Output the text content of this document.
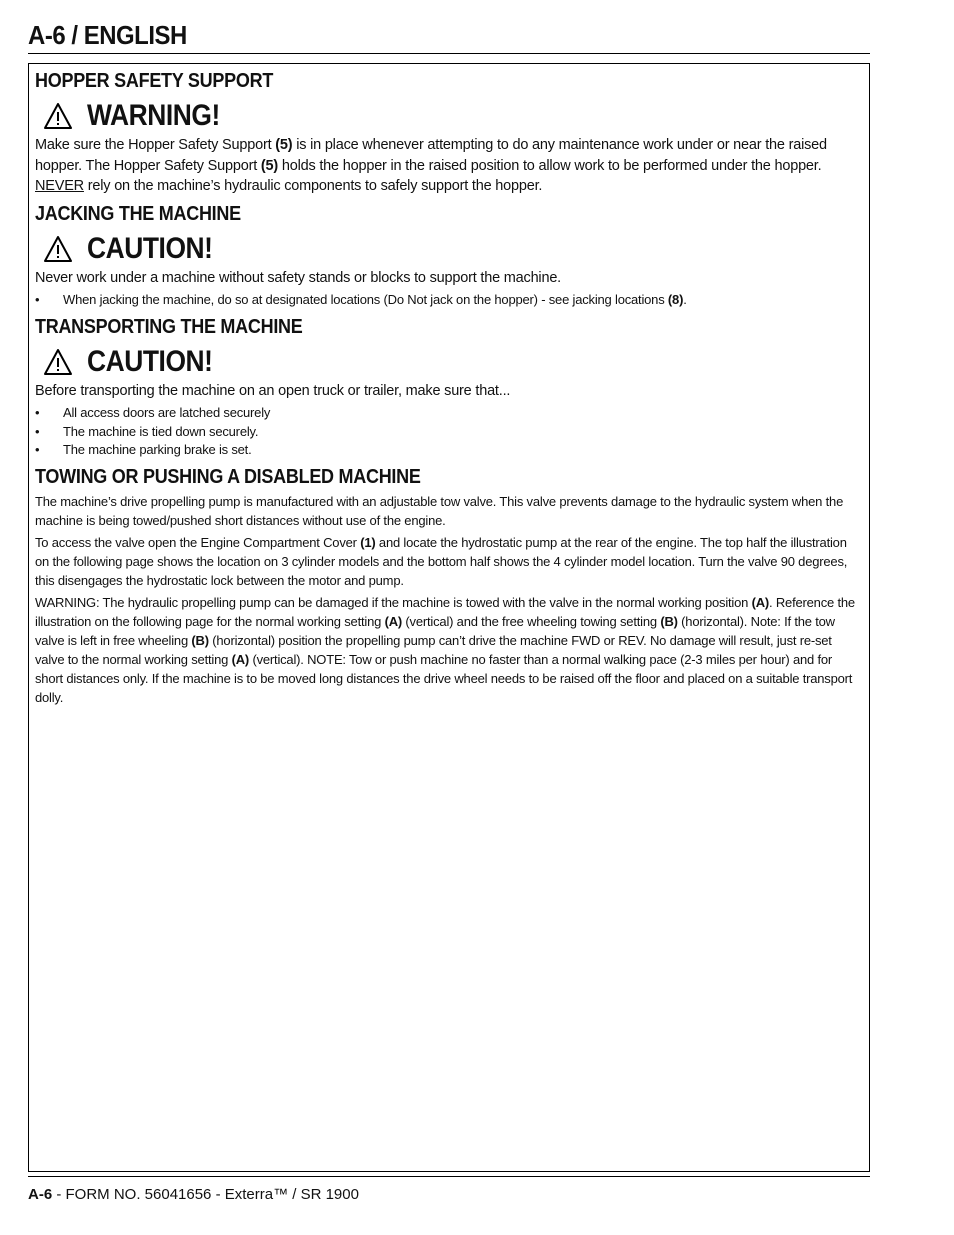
A-6 / ENGLISH
HOPPER SAFETY SUPPORT
WARNING!

Make sure the Hopper Safety Support (5) is in place whenever attempting to do any maintenance work under or near the raised hopper. The Hopper Safety Support (5) holds the hopper in the raised position to allow work to be performed under the hopper.

NEVER rely on the machine’s hydraulic components to safely support the hopper.

JACKING THE MACHINE
CAUTION!

Never work under a machine without safety stands or blocks to support the machine.

• When jacking the machine, do so at designated locations (Do Not jack on the hopper) - see jacking locations (8).
TRANSPORTING THE MACHINE
CAUTION!

Before transporting the machine on an open truck or trailer, make sure that...

• All access doors are latched securely
• The machine is tied down securely.
• The machine parking brake is set.
TOWING OR PUSHING A DISABLED MACHINE

The machine’s drive propelling pump is manufactured with an adjustable tow valve. This valve prevents damage to the hydraulic system when the machine is being towed/pushed short distances without use of the engine.

To access the valve open the Engine Compartment Cover (1) and locate the hydrostatic pump at the rear of the engine. The top half the illustration on the following page shows the location on 3 cylinder models and the bottom half shows the 4 cylinder model location. Turn the valve 90 degrees, this disengages the hydrostatic lock between the motor and pump.

WARNING: The hydraulic propelling pump can be damaged if the machine is towed with the valve in the normal working position (A). Reference the illustration on the following page for the normal working setting (A) (vertical) and the free wheeling towing setting (B) (horizontal). Note: If the tow valve is left in free wheeling (B) (horizontal) position the propelling pump can’t drive the machine FWD or REV. No damage will result, just re-set valve to the normal working setting (A) (vertical). NOTE: Tow or push machine no faster than a normal walking pace (2-3 miles per hour) and for short distances only. If the machine is to be moved long distances the drive wheel needs to be raised off the floor and placed on a suitable transport dolly.

A-6 - FORM NO. 56041656 - Exterra™ / SR 1900
